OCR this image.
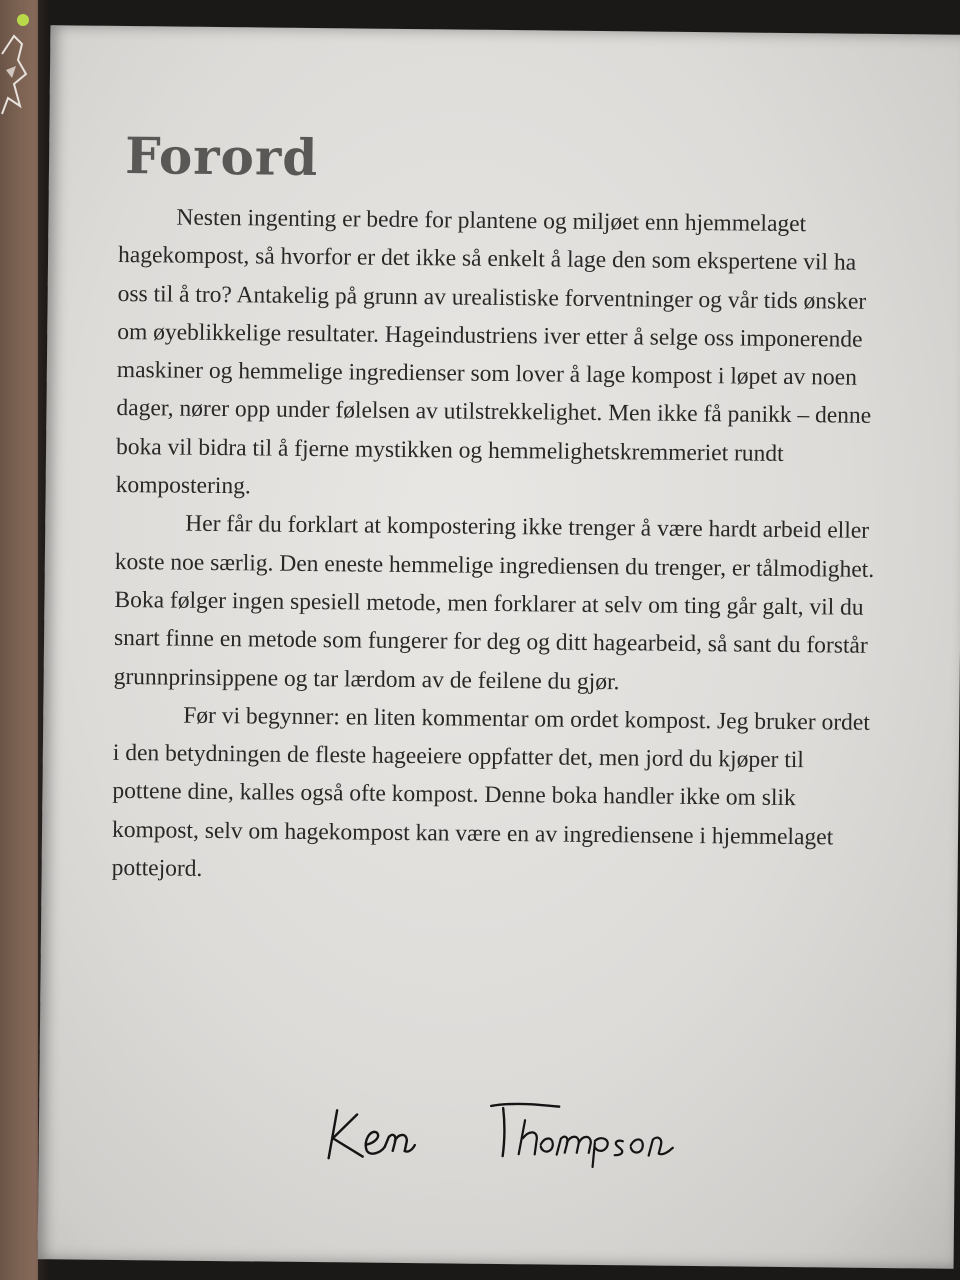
Forord

Nesten ingenting er bedre for plantene og miljøet enn hjemmelaget hagekompost, så hvorfor er det ikke så enkelt å lage den som ekspertene vil ha oss til å tro? Antakelig på grunn av urealistiske forventninger og vår tids ønsker om øyeblikkelige resultater. Hageindustriens iver etter å selge oss imponerende maskiner og hemmelige ingredienser som lover å lage kompost i løpet av noen dager, nører opp under følelsen av utilstrekkelighet. Men ikke få panikk – denne boka vil bidra til å fjerne mystikken og hemmelighetskremmeriet rundt kompostering.

Her får du forklart at kompostering ikke trenger å være hardt arbeid eller koste noe særlig. Den eneste hemmelige ingrediensen du trenger, er tålmodighet. Boka følger ingen spesiell metode, men forklarer at selv om ting går galt, vil du snart finne en metode som fungerer for deg og ditt hagearbeid, så sant du forstår grunnprinsippene og tar lærdom av de feilene du gjør.

Før vi begynner: en liten kommentar om ordet kompost. Jeg bruker ordet i den betydningen de fleste hageeiere oppfatter det, men jord du kjøper til pottene dine, kalles også ofte kompost. Denne boka handler ikke om slik kompost, selv om hagekompost kan være en av ingrediensene i hjemmelaget pottejord.

Ken Thompson
